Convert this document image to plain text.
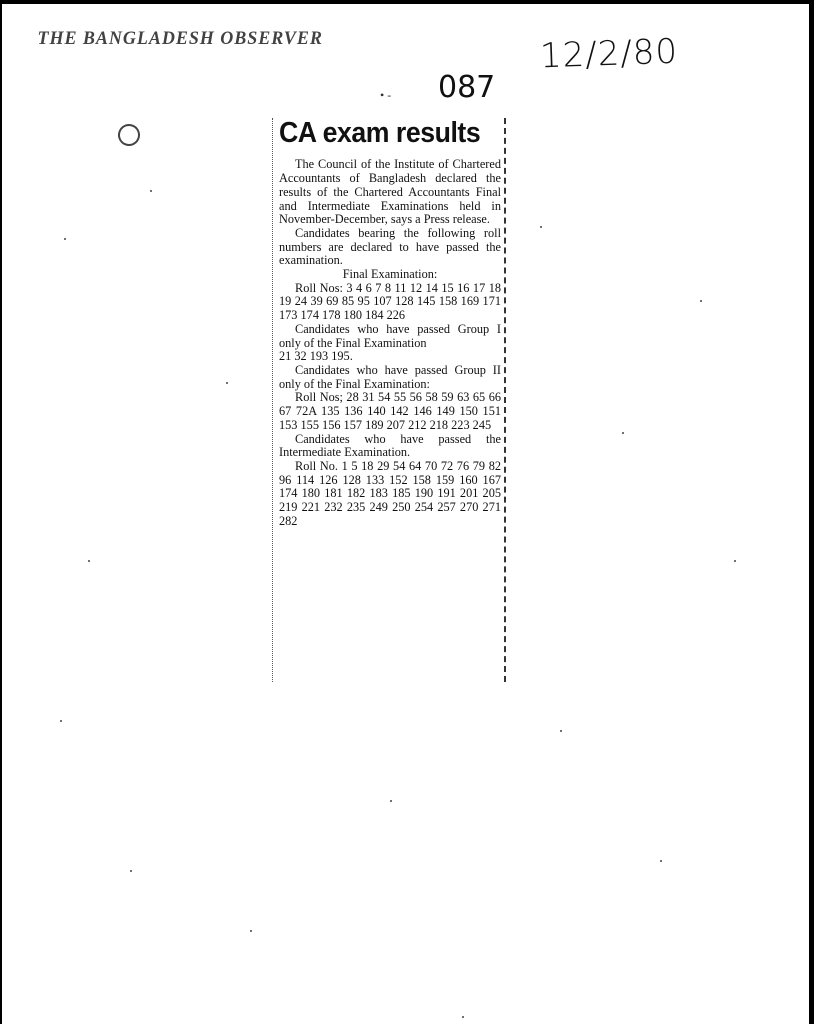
THE BANGLADESH OBSERVER	12/2/80
• - 087
CA exam results

The Council of the Institute of Chartered Accountants of Bangladesh declared the results of the Chartered Accountants Final and Intermediate Examinations held in November-December, says a Press release.

Candidates bearing the following roll numbers are declared to have passed the examination.

Final Examination:

Roll Nos: 3 4 6 7 8 11 12 14 15 16 17 18 19 24 39 69 85 95 107 128 145 158 169 171 173 174 178 180 184 226

Candidates who have passed Group I only of the Final Examination

21 32 193 195.

Candidates who have passed Group II only of the Final Examination:

Roll Nos; 28 31 54 55 56 58 59 63 65 66 67 72A 135 136 140 142 146 149 150 151 153 155 156 157 189 207 212 218 223 245

Candidates who have passed the Intermediate Examination.

Roll No. 1 5 18 29 54 64 70 72 76 79 82 96 114 126 128 133 152 158 159 160 167 174 180 181 182 183 185 190 191 201 205 219 221 232 235 249 250 254 257 270 271 282
